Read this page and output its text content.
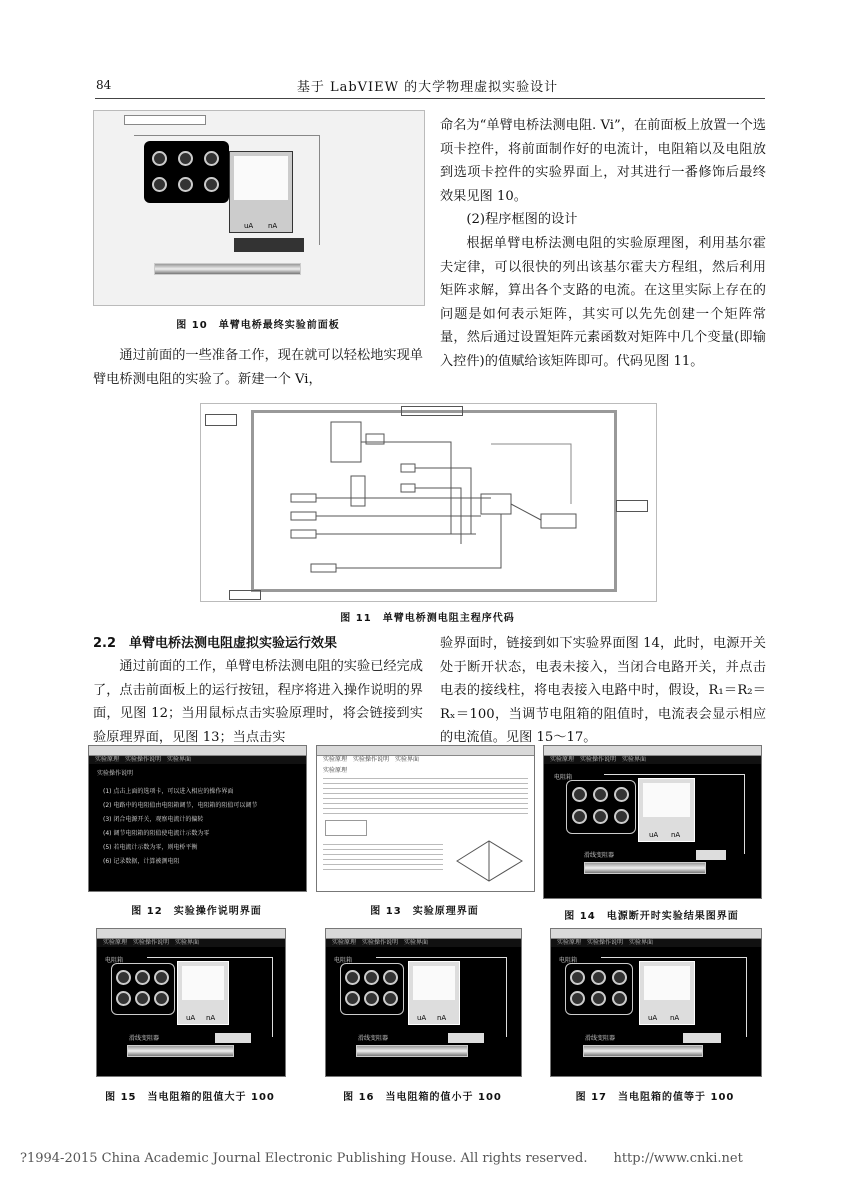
84	基于 LabVIEW 的大学物理虚拟实验设计
uA nA
图 10　单臂电桥最终实验前面板
通过前面的一些准备工作，现在就可以轻松地实现单臂电桥测电阻的实验了。新建一个 Vi，
命名为“单臂电桥法测电阻. Vi”，在前面板上放置一个选项卡控件，将前面制作好的电流计，电阻箱以及电阻放到选项卡控件的实验界面上，对其进行一番修饰后最终效果见图 10。
(2)程序框图的设计
根据单臂电桥法测电阻的实验原理图，利用基尔霍夫定律，可以很快的列出该基尔霍夫方程组，然后利用矩阵求解，算出各个支路的电流。在这里实际上存在的问题是如何表示矩阵，其实可以先先创建一个矩阵常量，然后通过设置矩阵元素函数对矩阵中几个变量(即输入控件)的值赋给该矩阵即可。代码见图 11。
图 11　单臂电桥测电阻主程序代码
2.2　单臂电桥法测电阻虚拟实验运行效果
通过前面的工作，单臂电桥法测电阻的实验已经完成了，点击前面板上的运行按钮，程序将进入操作说明的界面，见图 12；当用鼠标点击实验原理时，将会链接到实验原理界面，见图 13；当点击实
验界面时，链接到如下实验界面图 14，此时，电源开关处于断开状态，电表未接入，当闭合电路开关，并点击电表的接线柱，将电表接入电路中时，假设，R₁＝R₂＝Rₓ＝100，当调节电阻箱的阻值时，电流表会显示相应的电流值。见图 15～17。
实验原理　实验操作说明　实验界面
实验操作说明
(1) 点击上面的选项卡，可以进入相应的操作界面
(2) 电路中的电阻值由电阻箱调节，电阻箱的阻值可以调节
(3) 闭合电源开关，观察电流计的偏转
(4) 调节电阻箱的阻值使电流计示数为零
(5) 若电流计示数为零，则电桥平衡
(6) 记录数据，计算被测电阻
图 12　实验操作说明界面
实验原理　实验操作说明　实验界面
实验原理
图 13　实验原理界面
实验原理　实验操作说明　实验界面
电阻箱
uA nA
滑线变阻器
图 14　电源断开时实验结果图界面
实验原理　实验操作说明　实验界面
电阻箱
uA nA
滑线变阻器
图 15　当电阻箱的阻值大于 100
实验原理　实验操作说明　实验界面
电阻箱
uA nA
滑线变阻器
图 16　当电阻箱的值小于 100
实验原理　实验操作说明　实验界面
电阻箱
uA nA
滑线变阻器
图 17　当电阻箱的值等于 100
?1994-2015 China Academic Journal Electronic Publishing House. All rights reserved.　　http://www.cnki.net
